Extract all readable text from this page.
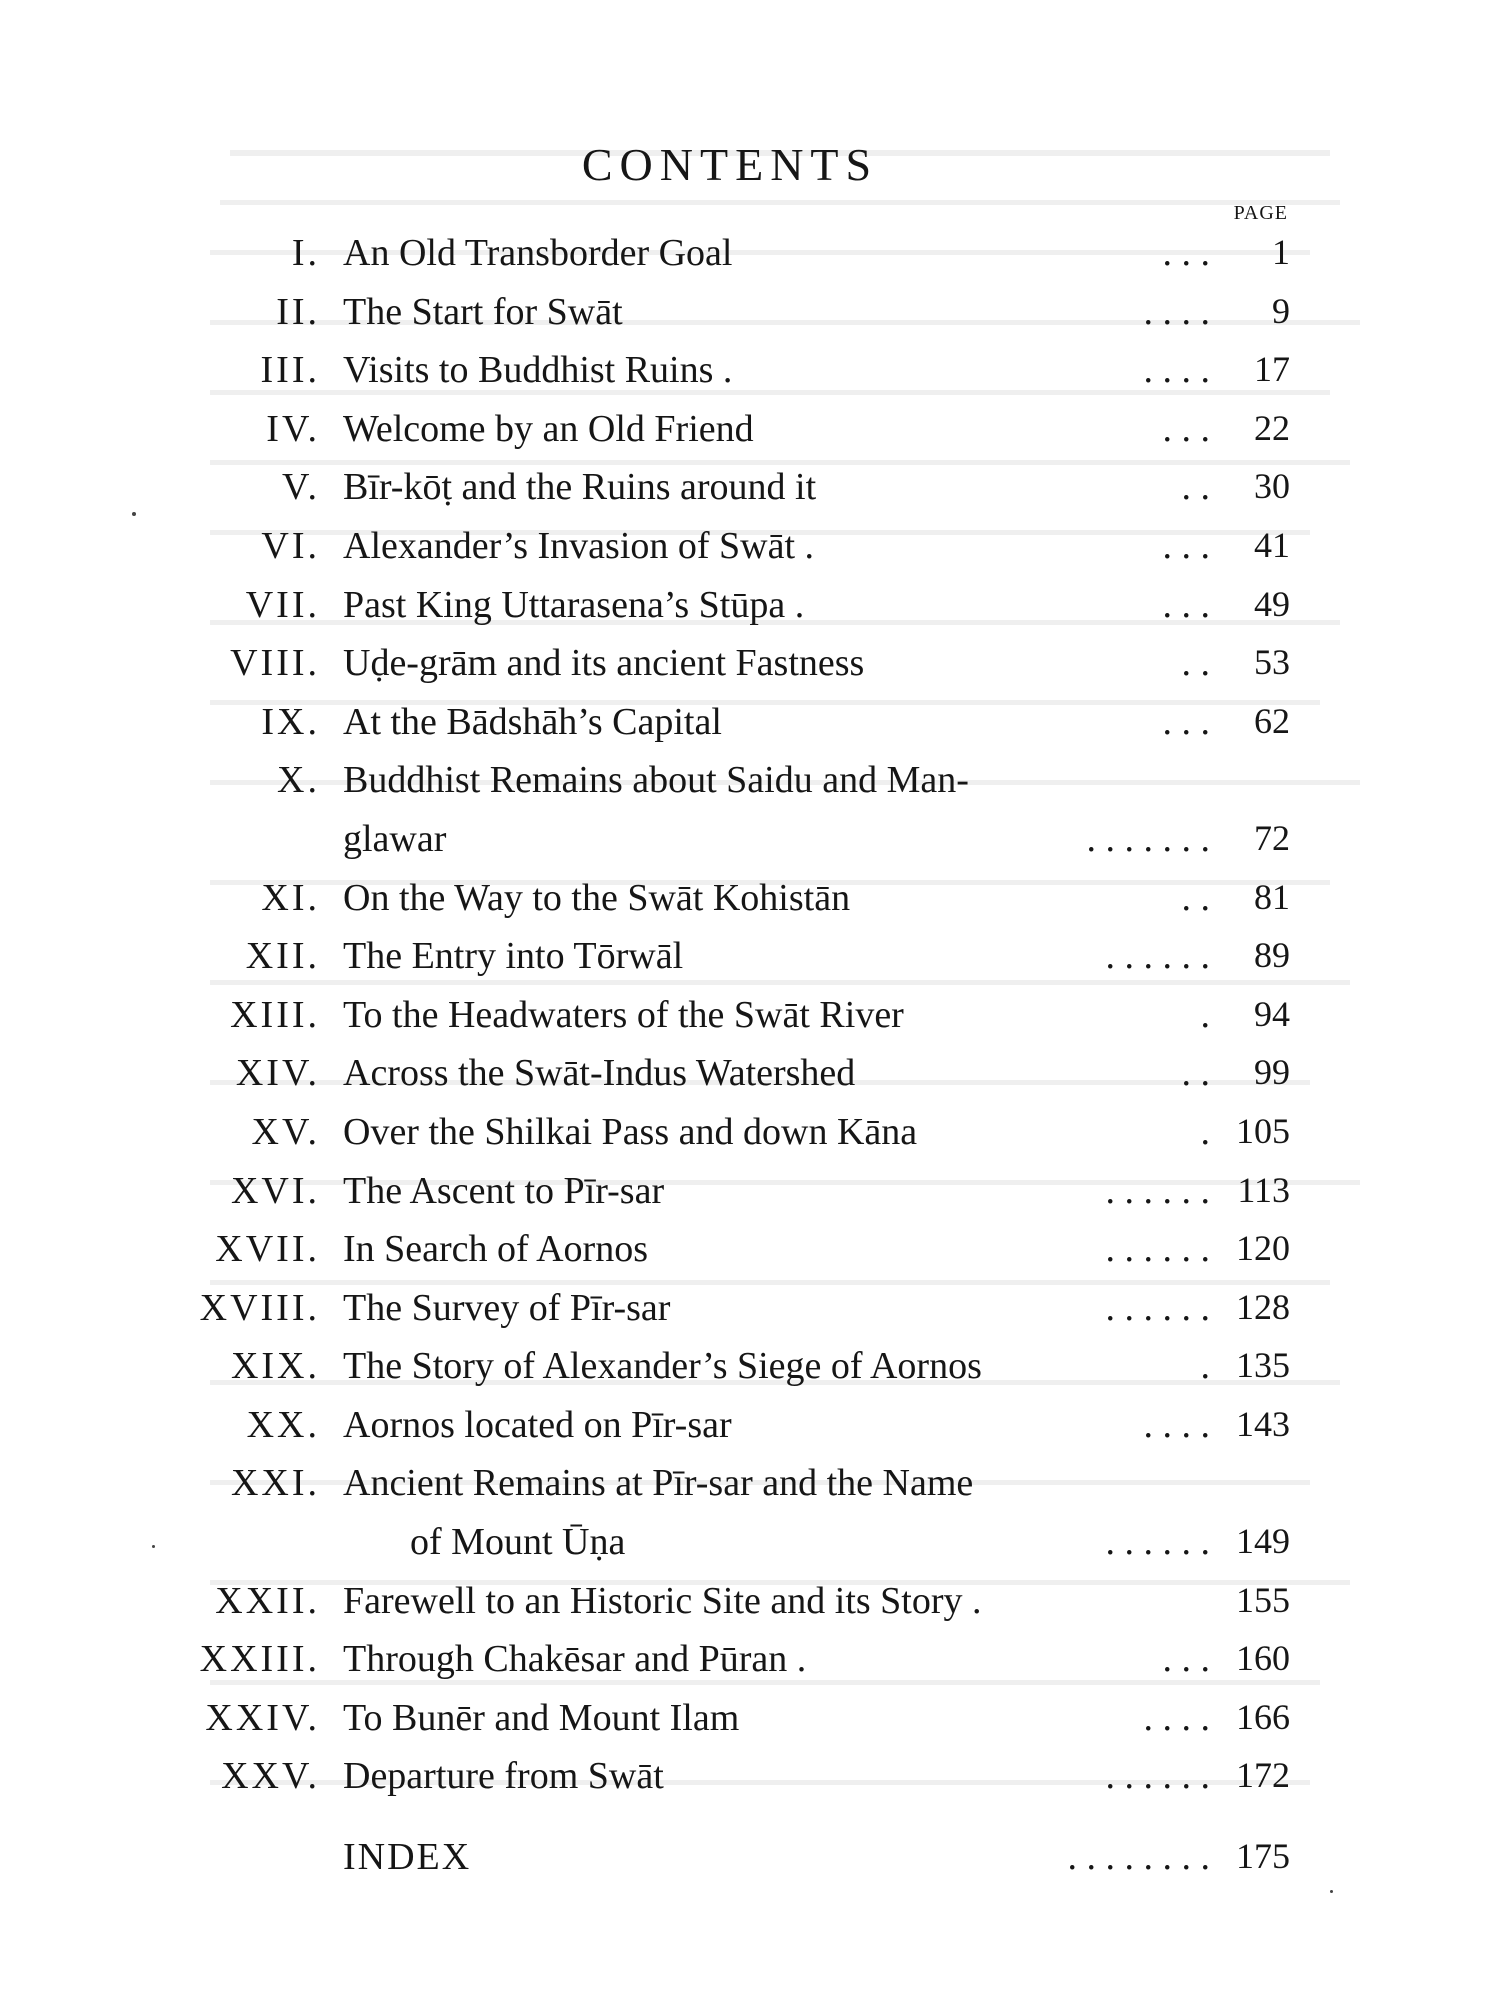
CONTENTS
PAGE
I. An Old Transborder Goal	. . .	1
II. The Start for Swāt	. . . .	9
III. Visits to Buddhist Ruins .	. . . .	17
IV. Welcome by an Old Friend	. . .	22
V. Bīr-kōṭ and the Ruins around it	. .	30
VI. Alexander’s Invasion of Swāt .	. . .	41
VII. Past King Uttarasena’s Stūpa .	. . .	49
VIII. Uḍe-grām and its ancient Fastness	. .	53
IX. At the Bādshāh’s Capital	. . .	62
X. Buddhist Remains about Saidu and Man-
glawar	. . . . . . .	72
XI. On the Way to the Swāt Kohistān	. .	81
XII. The Entry into Tōrwāl	. . . . . .	89
XIII. To the Headwaters of the Swāt River	.	94
XIV. Across the Swāt-Indus Watershed	. .	99
XV. Over the Shilkai Pass and down Kāna	. 105
XVI. The Ascent to Pīr-sar	. . . . . . 113
XVII. In Search of Aornos	. . . . . . 120
XVIII. The Survey of Pīr-sar	. . . . . . 128
XIX. The Story of Alexander’s Siege of Aornos	. 135
XX. Aornos located on Pīr-sar	. . . . 143
XXI. Ancient Remains at Pīr-sar and the Name
of Mount Ūṇa	. . . . . . 149
XXII. Farewell to an Historic Site and its Story .	155
XXIII. Through Chakēsar and Pūran .	. . . 160
XXIV. To Bunēr and Mount Ilam	. . . . 166
XXV. Departure from Swāt	. . . . . . 172
INDEX	. . . . . . . . 175
